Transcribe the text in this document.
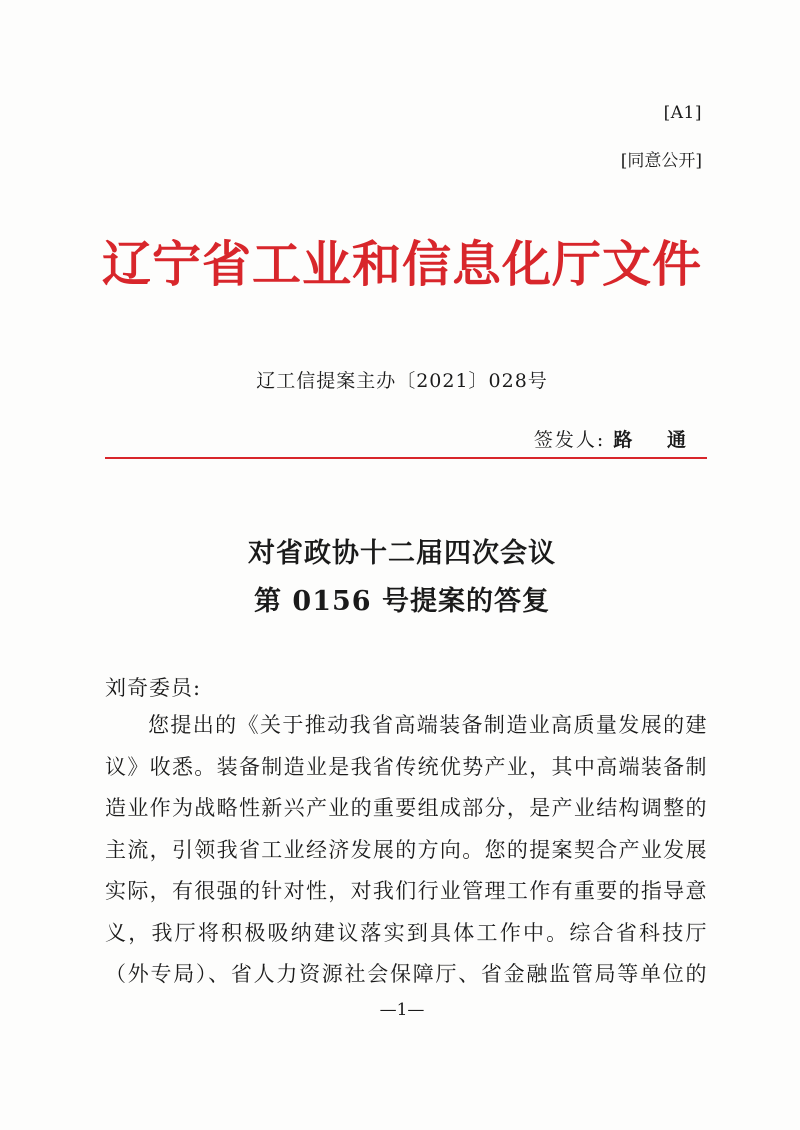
[A1]
[同意公开]
辽宁省工业和信息化厅文件
辽工信提案主办〔2021〕028号
签发人: 路 通
对省政协十二届四次会议
第 0156 号提案的答复
刘奇委员:
您提出的《关于推动我省高端装备制造业高质量发展的建
议》收悉。装备制造业是我省传统优势产业，其中高端装备制
造业作为战略性新兴产业的重要组成部分，是产业结构调整的
主流，引领我省工业经济发展的方向。您的提案契合产业发展
实际，有很强的针对性，对我们行业管理工作有重要的指导意
义，我厅将积极吸纳建议落实到具体工作中。综合省科技厅
（外专局）、省人力资源社会保障厅、省金融监管局等单位的
—1—
